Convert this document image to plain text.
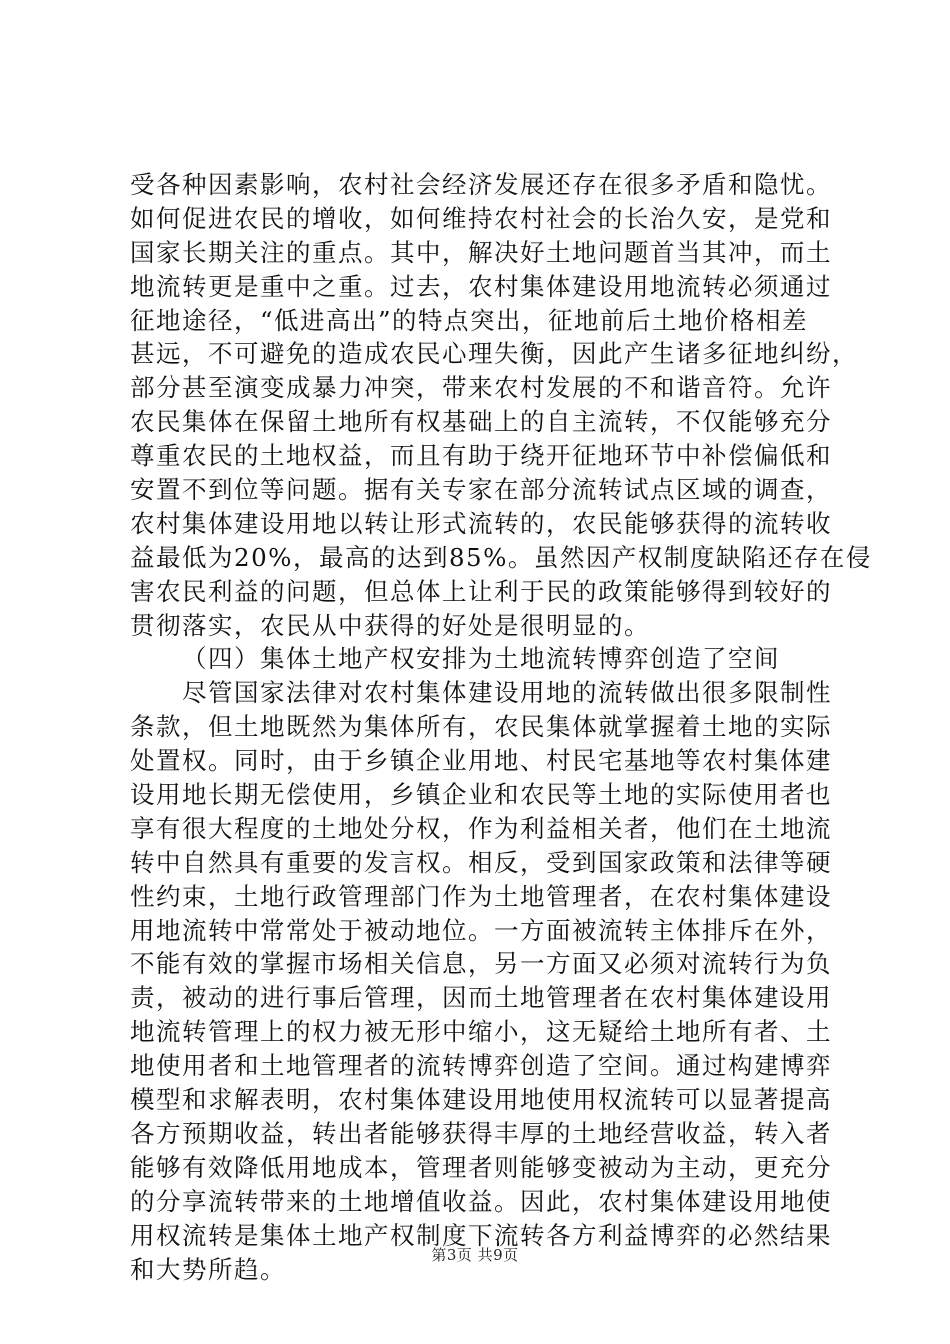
受各种因素影响，农村社会经济发展还存在很多矛盾和隐忧。
如何促进农民的增收，如何维持农村社会的长治久安，是党和
国家长期关注的重点。其中，解决好土地问题首当其冲，而土
地流转更是重中之重。过去，农村集体建设用地流转必须通过
征地途径，“低进高出”的特点突出，征地前后土地价格相差
甚远，不可避免的造成农民心理失衡，因此产生诸多征地纠纷，
部分甚至演变成暴力冲突，带来农村发展的不和谐音符。允许
农民集体在保留土地所有权基础上的自主流转，不仅能够充分
尊重农民的土地权益，而且有助于绕开征地环节中补偿偏低和
安置不到位等问题。据有关专家在部分流转试点区域的调查，
农村集体建设用地以转让形式流转的，农民能够获得的流转收
益最低为20%，最高的达到85%。虽然因产权制度缺陷还存在侵
害农民利益的问题，但总体上让利于民的政策能够得到较好的
贯彻落实，农民从中获得的好处是很明显的。
（四）集体土地产权安排为土地流转博弈创造了空间
尽管国家法律对农村集体建设用地的流转做出很多限制性
条款，但土地既然为集体所有，农民集体就掌握着土地的实际
处置权。同时，由于乡镇企业用地、村民宅基地等农村集体建
设用地长期无偿使用，乡镇企业和农民等土地的实际使用者也
享有很大程度的土地处分权，作为利益相关者，他们在土地流
转中自然具有重要的发言权。相反，受到国家政策和法律等硬
性约束，土地行政管理部门作为土地管理者，在农村集体建设
用地流转中常常处于被动地位。一方面被流转主体排斥在外，
不能有效的掌握市场相关信息，另一方面又必须对流转行为负
责，被动的进行事后管理，因而土地管理者在农村集体建设用
地流转管理上的权力被无形中缩小，这无疑给土地所有者、土
地使用者和土地管理者的流转博弈创造了空间。通过构建博弈
模型和求解表明，农村集体建设用地使用权流转可以显著提高
各方预期收益，转出者能够获得丰厚的土地经营收益，转入者
能够有效降低用地成本，管理者则能够变被动为主动，更充分
的分享流转带来的土地增值收益。因此，农村集体建设用地使
用权流转是集体土地产权制度下流转各方利益博弈的必然结果
和大势所趋。	第3页 共9页
